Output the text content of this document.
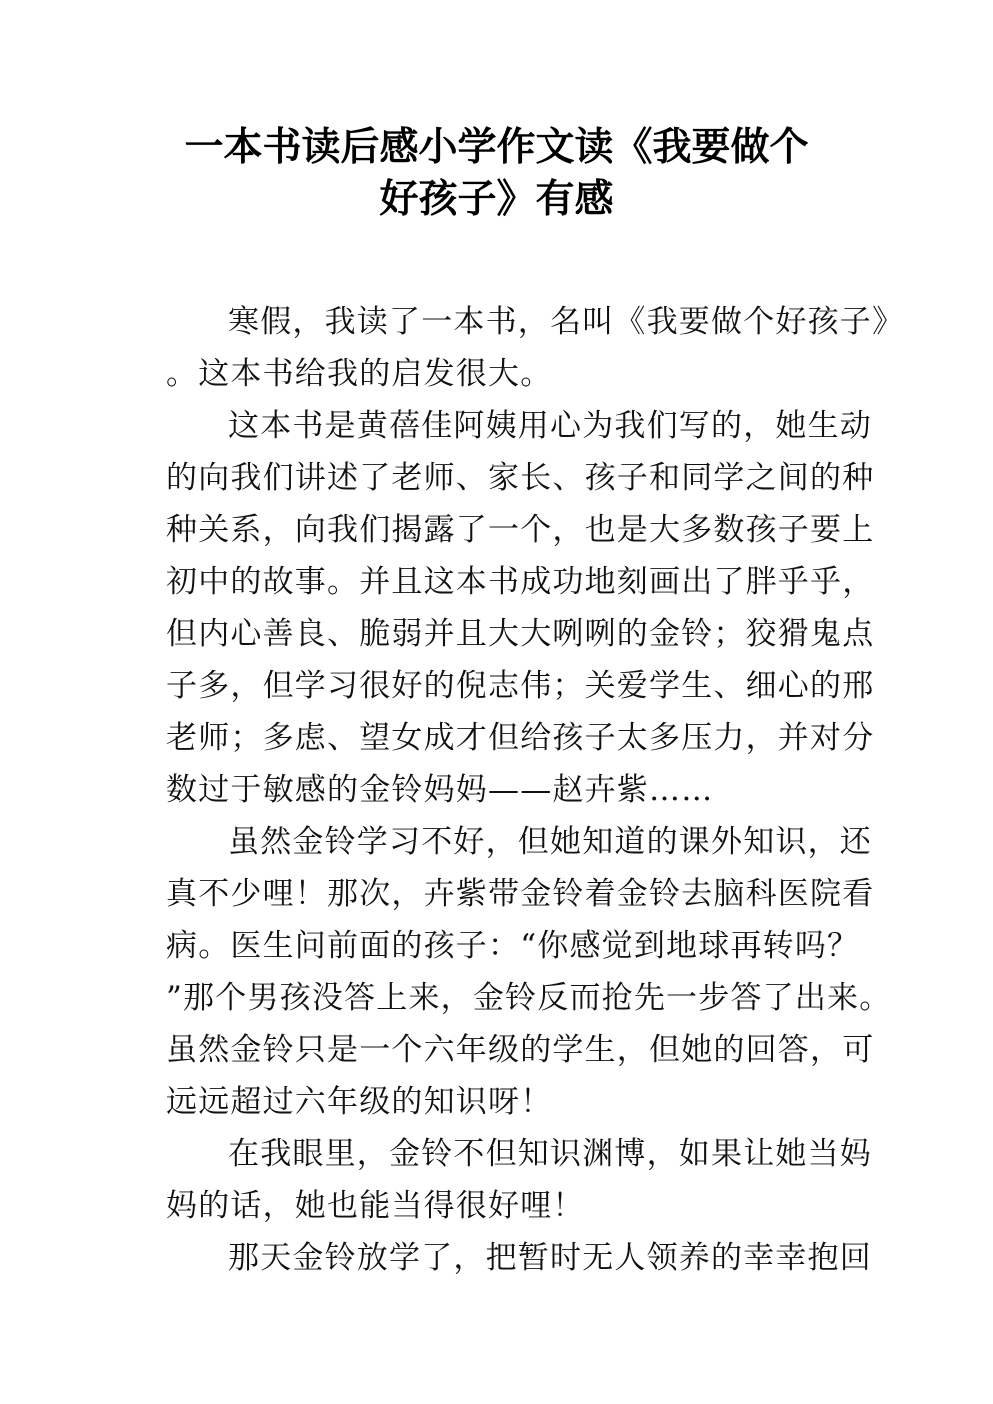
一本书读后感小学作文读《我要做个
好孩子》有感
寒假，我读了一本书，名叫《我要做个好孩子》
。这本书给我的启发很大。
这本书是黄蓓佳阿姨用心为我们写的，她生动
的向我们讲述了老师、家长、孩子和同学之间的种
种关系，向我们揭露了一个，也是大多数孩子要上
初中的故事。并且这本书成功地刻画出了胖乎乎，
但内心善良、脆弱并且大大咧咧的金铃；狡猾鬼点
子多，但学习很好的倪志伟；关爱学生、细心的邢
老师；多虑、望女成才但给孩子太多压力，并对分
数过于敏感的金铃妈妈——赵卉紫……
虽然金铃学习不好，但她知道的课外知识，还
真不少哩！那次，卉紫带金铃着金铃去脑科医院看
病。医生问前面的孩子：“你感觉到地球再转吗？
”那个男孩没答上来，金铃反而抢先一步答了出来。
虽然金铃只是一个六年级的学生，但她的回答，可
远远超过六年级的知识呀！
在我眼里，金铃不但知识渊博，如果让她当妈
妈的话，她也能当得很好哩！
那天金铃放学了，把暂时无人领养的幸幸抱回
